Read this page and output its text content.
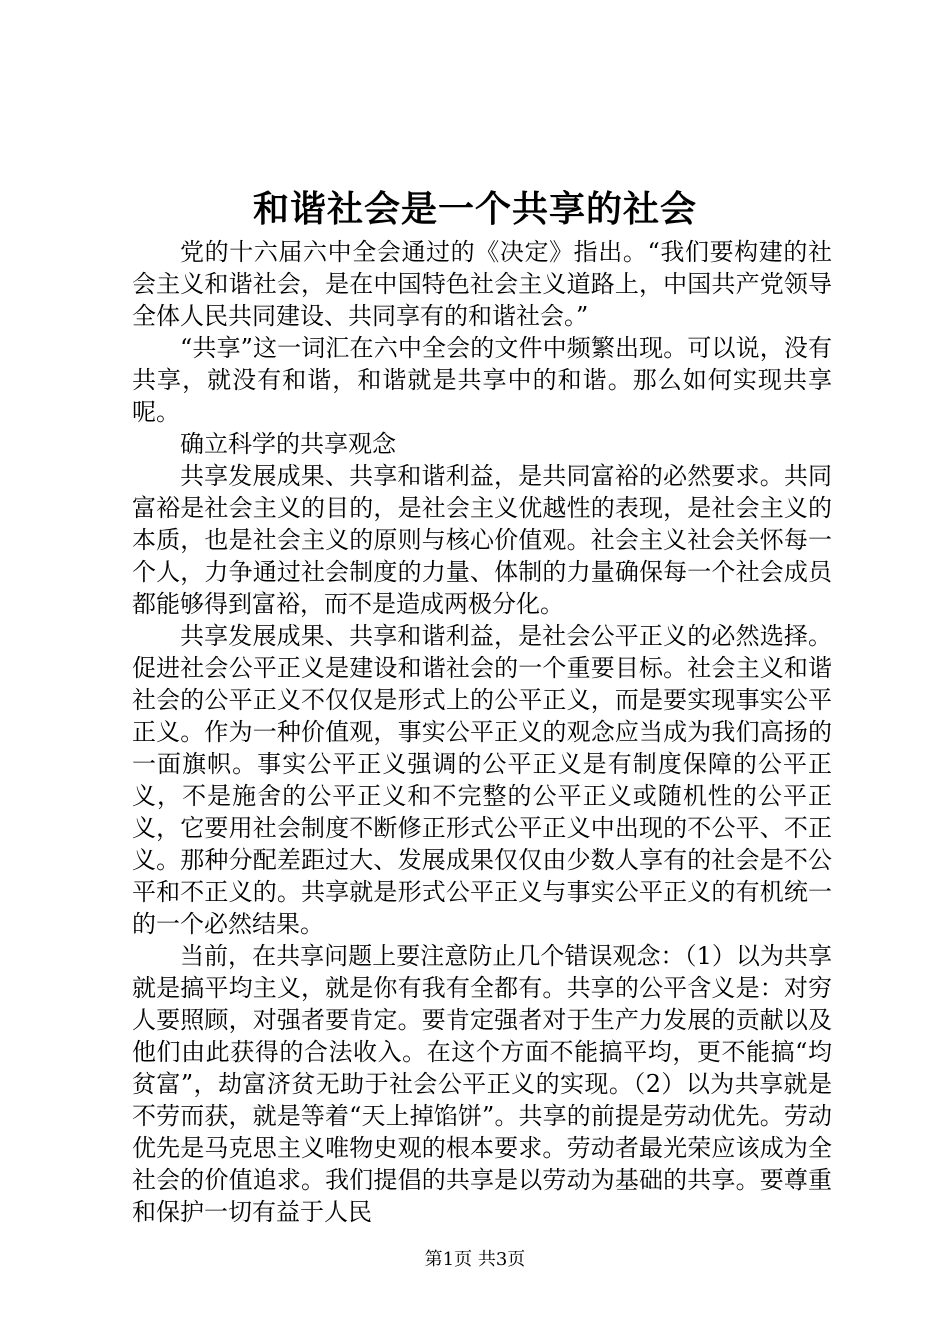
和谐社会是一个共享的社会

党的十六届六中全会通过的《决定》指出。“我们要构建的社会主义和谐社会，是在中国特色社会主义道路上，中国共产党领导全体人民共同建设、共同享有的和谐社会。”

“共享”这一词汇在六中全会的文件中频繁出现。可以说，没有共享，就没有和谐，和谐就是共享中的和谐。那么如何实现共享呢。

确立科学的共享观念

共享发展成果、共享和谐利益，是共同富裕的必然要求。共同富裕是社会主义的目的，是社会主义优越性的表现，是社会主义的本质，也是社会主义的原则与核心价值观。社会主义社会关怀每一个人，力争通过社会制度的力量、体制的力量确保每一个社会成员都能够得到富裕，而不是造成两极分化。

共享发展成果、共享和谐利益，是社会公平正义的必然选择。促进社会公平正义是建设和谐社会的一个重要目标。社会主义和谐社会的公平正义不仅仅是形式上的公平正义，而是要实现事实公平正义。作为一种价值观，事实公平正义的观念应当成为我们高扬的一面旗帜。事实公平正义强调的公平正义是有制度保障的公平正义，不是施舍的公平正义和不完整的公平正义或随机性的公平正义，它要用社会制度不断修正形式公平正义中出现的不公平、不正义。那种分配差距过大、发展成果仅仅由少数人享有的社会是不公平和不正义的。共享就是形式公平正义与事实公平正义的有机统一的一个必然结果。

当前，在共享问题上要注意防止几个错误观念：（1）以为共享就是搞平均主义，就是你有我有全都有。共享的公平含义是：对穷人要照顾，对强者要肯定。要肯定强者对于生产力发展的贡献以及他们由此获得的合法收入。在这个方面不能搞平均，更不能搞“均贫富”，劫富济贫无助于社会公平正义的实现。（2）以为共享就是不劳而获，就是等着“天上掉馅饼”。共享的前提是劳动优先。劳动优先是马克思主义唯物史观的根本要求。劳动者最光荣应该成为全社会的价值追求。我们提倡的共享是以劳动为基础的共享。要尊重和保护一切有益于人民

第1页 共3页
